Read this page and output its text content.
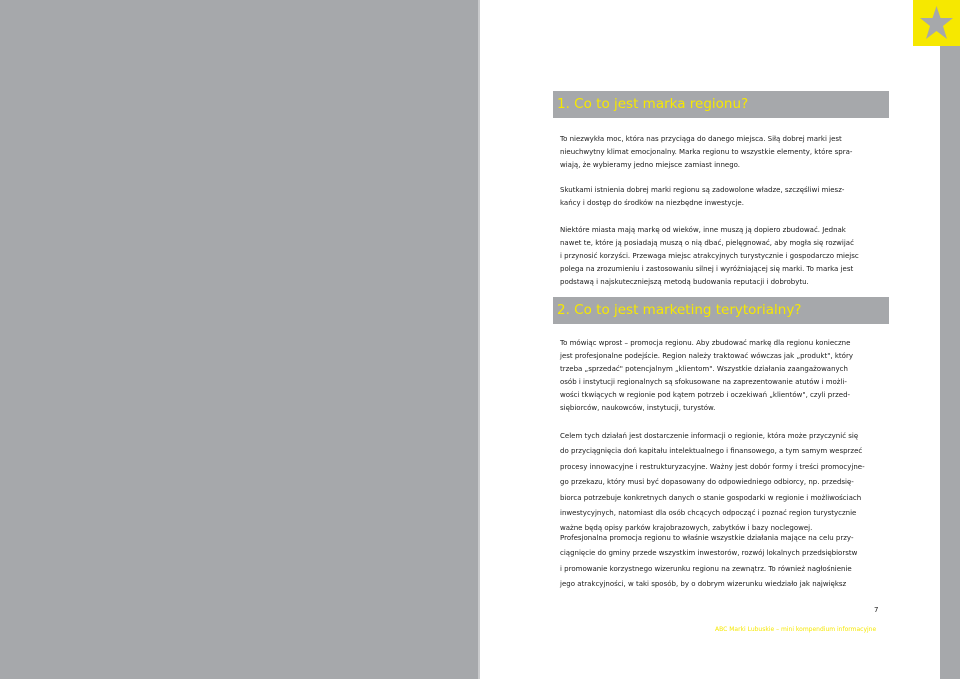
1. Co to jest marka regionu?
To niezwykła moc, która nas przyciąga do danego miejsca. Siłą dobrej marki jest
nieuchwytny klimat emocjonalny. Marka regionu to wszystkie elementy, które spra-
wiają, że wybieramy jedno miejsce zamiast innego.
Skutkami istnienia dobrej marki regionu są zadowolone władze, szczęśliwi miesz-
kańcy i dostęp do środków na niezbędne inwestycje.
Niektóre miasta mają markę od wieków, inne muszą ją dopiero zbudować. Jednak
nawet te, które ją posiadają muszą o nią dbać, pielęgnować, aby mogła się rozwijać
i przynosić korzyści. Przewaga miejsc atrakcyjnych turystycznie i gospodarczo miejsc
polega na zrozumieniu i zastosowaniu silnej i wyróżniającej się marki. To marka jest
podstawą i najskuteczniejszą metodą budowania reputacji i dobrobytu.
2. Co to jest marketing terytorialny?
To mówiąc wprost – promocja regionu. Aby zbudować markę dla regionu konieczne
jest profesjonalne podejście. Region należy traktować wówczas jak „produkt", który
trzeba „sprzedać" potencjalnym „klientom". Wszystkie działania zaangażowanych
osób i instytucji regionalnych są sfokusowane na zaprezentowanie atutów i możli-
wości tkwiących w regionie pod kątem potrzeb i oczekiwań „klientów", czyli przed-
siębiorców, naukowców, instytucji, turystów.
Celem tych działań jest dostarczenie informacji o regionie, która może przyczynić się
do przyciągnięcia doń kapitału intelektualnego i finansowego, a tym samym wesprzeć
procesy innowacyjne i restrukturyzacyjne. Ważny jest dobór formy i treści promocyjne-
go przekazu, który musi być dopasowany do odpowiedniego odbiorcy, np. przedsię-
biorca potrzebuje konkretnych danych o stanie gospodarki w regionie i możliwościach
inwestycyjnych, natomiast dla osób chcących odpocząć i poznać region turystycznie
ważne będą opisy parków krajobrazowych, zabytków i bazy noclegowej.
Profesjonalna promocja regionu to właśnie wszystkie działania mające na celu przy-
ciągnięcie do gminy przede wszystkim inwestorów, rozwój lokalnych przedsiębiorstw
i promowanie korzystnego wizerunku regionu na zewnątrz. To również nagłośnienie
jego atrakcyjności, w taki sposób, by o dobrym wizerunku wiedziało jak największ
7
ABC Marki Lubuskie – mini kompendium informacyjne
